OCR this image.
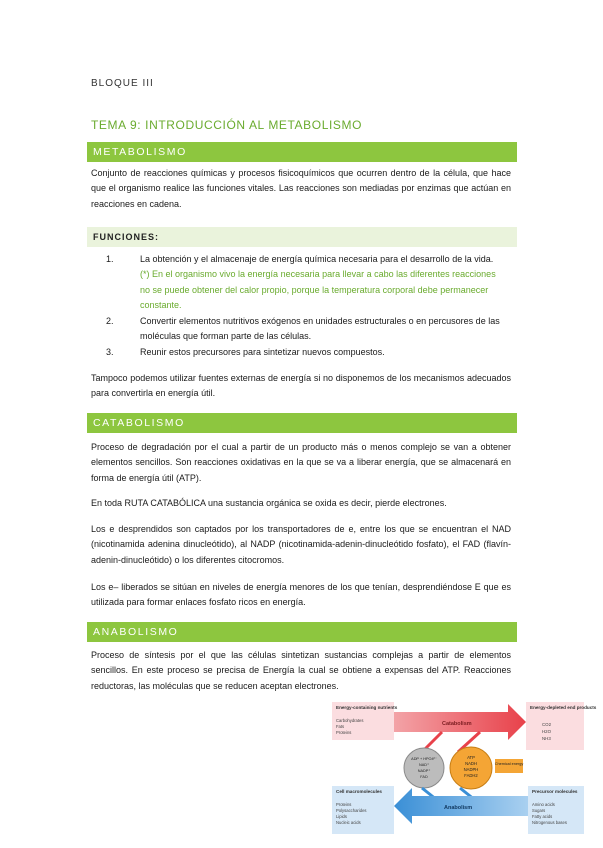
BLOQUE III
TEMA 9: INTRODUCCIÓN AL METABOLISMO
METABOLISMO
Conjunto de reacciones químicas y procesos fisicoquímicos que ocurren dentro de la célula, que hace que el organismo realice las funciones vitales. Las reacciones son mediadas por enzimas que actúan en reacciones en cadena.
FUNCIONES:
1.	La obtención y el almacenaje de energía química necesaria para el desarrollo de la vida. (*) En el organismo vivo la energía necesaria para llevar a cabo las diferentes reacciones no se puede obtener del calor propio, porque la temperatura corporal debe permanecer constante.
2.	Convertir elementos nutritivos exógenos en unidades estructurales o en percusores de las moléculas que forman parte de las células.
3.	Reunir estos precursores para sintetizar nuevos compuestos.
Tampoco podemos utilizar fuentes externas de energía si no disponemos de los mecanismos adecuados para convertirla en energía útil.
CATABOLISMO
Proceso de degradación por el cual a partir de un producto más o menos complejo se van a obtener elementos sencillos. Son reacciones oxidativas en la que se va a liberar energía, que se almacenará en forma de energía útil (ATP).
En toda RUTA CATABÓLICA una sustancia orgánica se oxida es decir, pierde electrones.
Los e desprendidos son captados por los transportadores de e, entre los que se encuentran el NAD (nicotinamida adenina dinucleótido), al NADP (nicotinamida-adenin-dinucleótido fosfato), el FAD (flavín-adenin-dinucleótido) o los diferentes citocromos.
Los e– liberados se sitúan en niveles de energía menores de los que tenían, desprendiéndose E que es utilizada para formar enlaces fosfato ricos en energía.
ANABOLISMO
Proceso de síntesis por el que las células sintetizan sustancias complejas a partir de elementos sencillos. En este proceso se precisa de Energía la cual se obtiene a expensas del ATP. Reacciones reductoras, las moléculas que se reducen aceptan electrones.
Energy-containing nutrients
Carbohydrates
Fats
Proteins
Energy-depleted end products
CO2
H2O
NH3
Catabolism
ADP + HPO4²⁻
NAD⁺
NADP⁺
FAD
ATP
NADH
NADPH
FADH2
Chemical energy
Anabolism
Cell macromolecules
Proteins
Polysaccharides
Lipids
Nucleic acids
Precursor molecules
Amino acids
Sugars
Fatty acids
Nitrogenous bases
